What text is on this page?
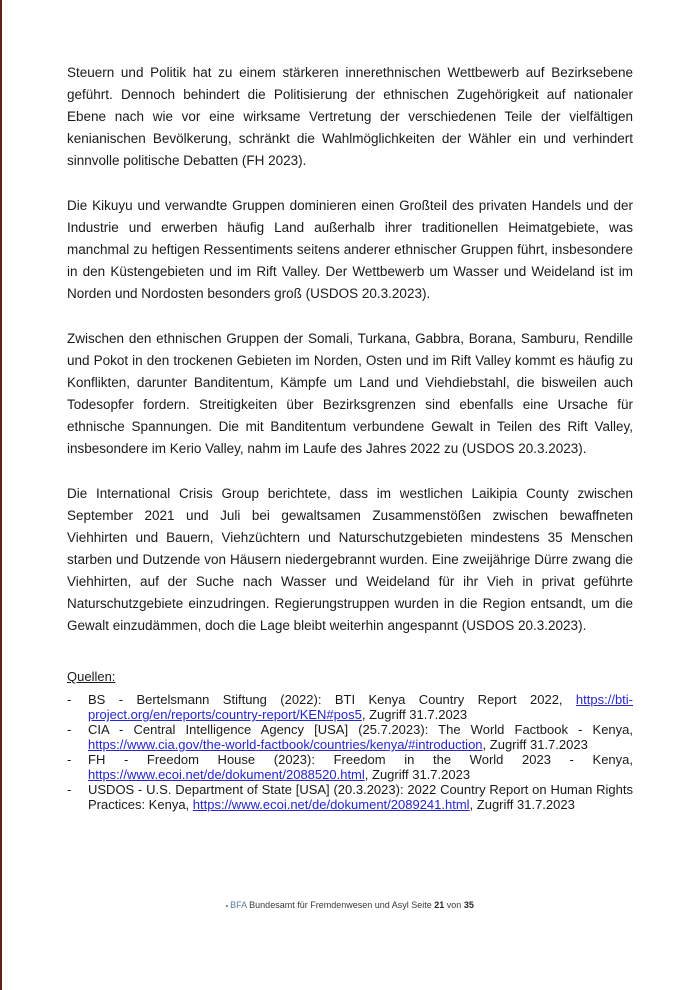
Steuern und Politik hat zu einem stärkeren innerethnischen Wettbewerb auf Bezirksebene geführt. Dennoch behindert die Politisierung der ethnischen Zugehörigkeit auf nationaler Ebene nach wie vor eine wirksame Vertretung der verschiedenen Teile der vielfältigen kenianischen Bevölkerung, schränkt die Wahlmöglichkeiten der Wähler ein und verhindert sinnvolle politische Debatten (FH 2023).

Die Kikuyu und verwandte Gruppen dominieren einen Großteil des privaten Handels und der Industrie und erwerben häufig Land außerhalb ihrer traditionellen Heimatgebiete, was manchmal zu heftigen Ressentiments seitens anderer ethnischer Gruppen führt, insbesondere in den Küstengebieten und im Rift Valley. Der Wettbewerb um Wasser und Weideland ist im Norden und Nordosten besonders groß (USDOS 20.3.2023).

Zwischen den ethnischen Gruppen der Somali, Turkana, Gabbra, Borana, Samburu, Rendille und Pokot in den trockenen Gebieten im Norden, Osten und im Rift Valley kommt es häufig zu Konflikten, darunter Banditentum, Kämpfe um Land und Viehdiebstahl, die bisweilen auch Todesopfer fordern. Streitigkeiten über Bezirksgrenzen sind ebenfalls eine Ursache für ethnische Spannungen. Die mit Banditentum verbundene Gewalt in Teilen des Rift Valley, insbesondere im Kerio Valley, nahm im Laufe des Jahres 2022 zu (USDOS 20.3.2023).

Die International Crisis Group berichtete, dass im westlichen Laikipia County zwischen September 2021 und Juli bei gewaltsamen Zusammenstößen zwischen bewaffneten Viehhirten und Bauern, Viehzüchtern und Naturschutzgebieten mindestens 35 Menschen starben und Dutzende von Häusern niedergebrannt wurden. Eine zweijährige Dürre zwang die Viehhirten, auf der Suche nach Wasser und Weideland für ihr Vieh in privat geführte Naturschutzgebiete einzudringen. Regierungstruppen wurden in die Region entsandt, um die Gewalt einzudämmen, doch die Lage bleibt weiterhin angespannt (USDOS 20.3.2023).

Quellen:
- BS - Bertelsmann Stiftung (2022): BTI Kenya Country Report 2022, https://bti-project.org/en/reports/country-report/KEN#pos5, Zugriff 31.7.2023
- CIA - Central Intelligence Agency [USA] (25.7.2023): The World Factbook - Kenya, https://www.cia.gov/the-world-factbook/countries/kenya/#introduction, Zugriff 31.7.2023
- FH - Freedom House (2023): Freedom in the World 2023 - Kenya, https://www.ecoi.net/de/dokument/2088520.html, Zugriff 31.7.2023
- USDOS - U.S. Department of State [USA] (20.3.2023): 2022 Country Report on Human Rights Practices: Kenya, https://www.ecoi.net/de/dokument/2089241.html, Zugriff 31.7.2023
BFA Bundesamt für Fremdenwesen und Asyl Seite 21 von 35
